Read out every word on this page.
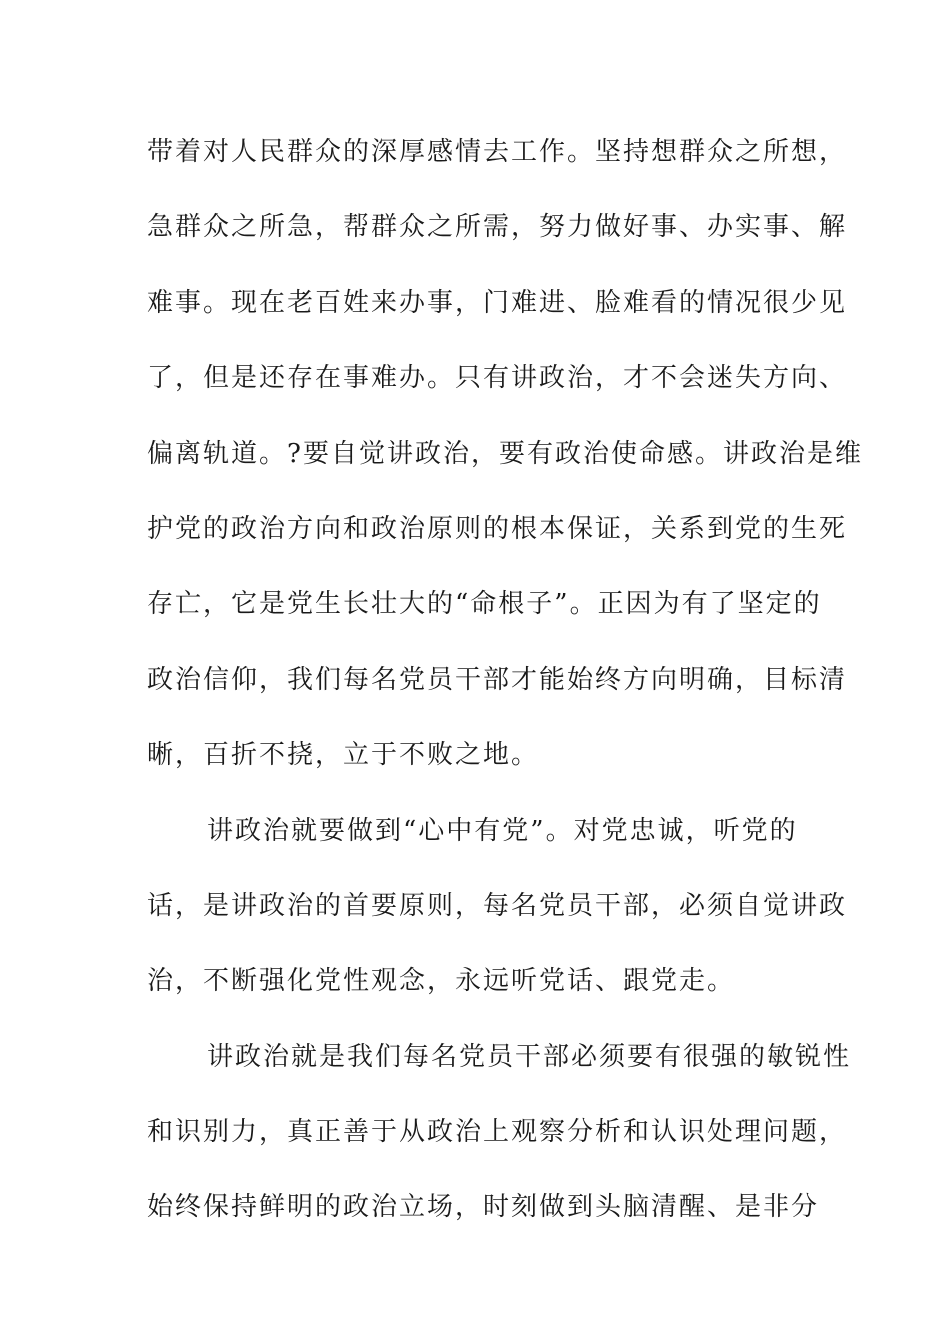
带着对人民群众的深厚感情去工作。坚持想群众之所想，
急群众之所急，帮群众之所需，努力做好事、办实事、解
难事。现在老百姓来办事，门难进、脸难看的情况很少见
了，但是还存在事难办。只有讲政治，才不会迷失方向、
偏离轨道。?要自觉讲政治，要有政治使命感。讲政治是维
护党的政治方向和政治原则的根本保证，关系到党的生死
存亡，它是党生长壮大的“命根子”。正因为有了坚定的
政治信仰，我们每名党员干部才能始终方向明确，目标清
晰，百折不挠，立于不败之地。
讲政治就要做到“心中有党”。对党忠诚，听党的
话，是讲政治的首要原则，每名党员干部，必须自觉讲政
治，不断强化党性观念，永远听党话、跟党走。
讲政治就是我们每名党员干部必须要有很强的敏锐性
和识别力，真正善于从政治上观察分析和认识处理问题，
始终保持鲜明的政治立场，时刻做到头脑清醒、是非分
